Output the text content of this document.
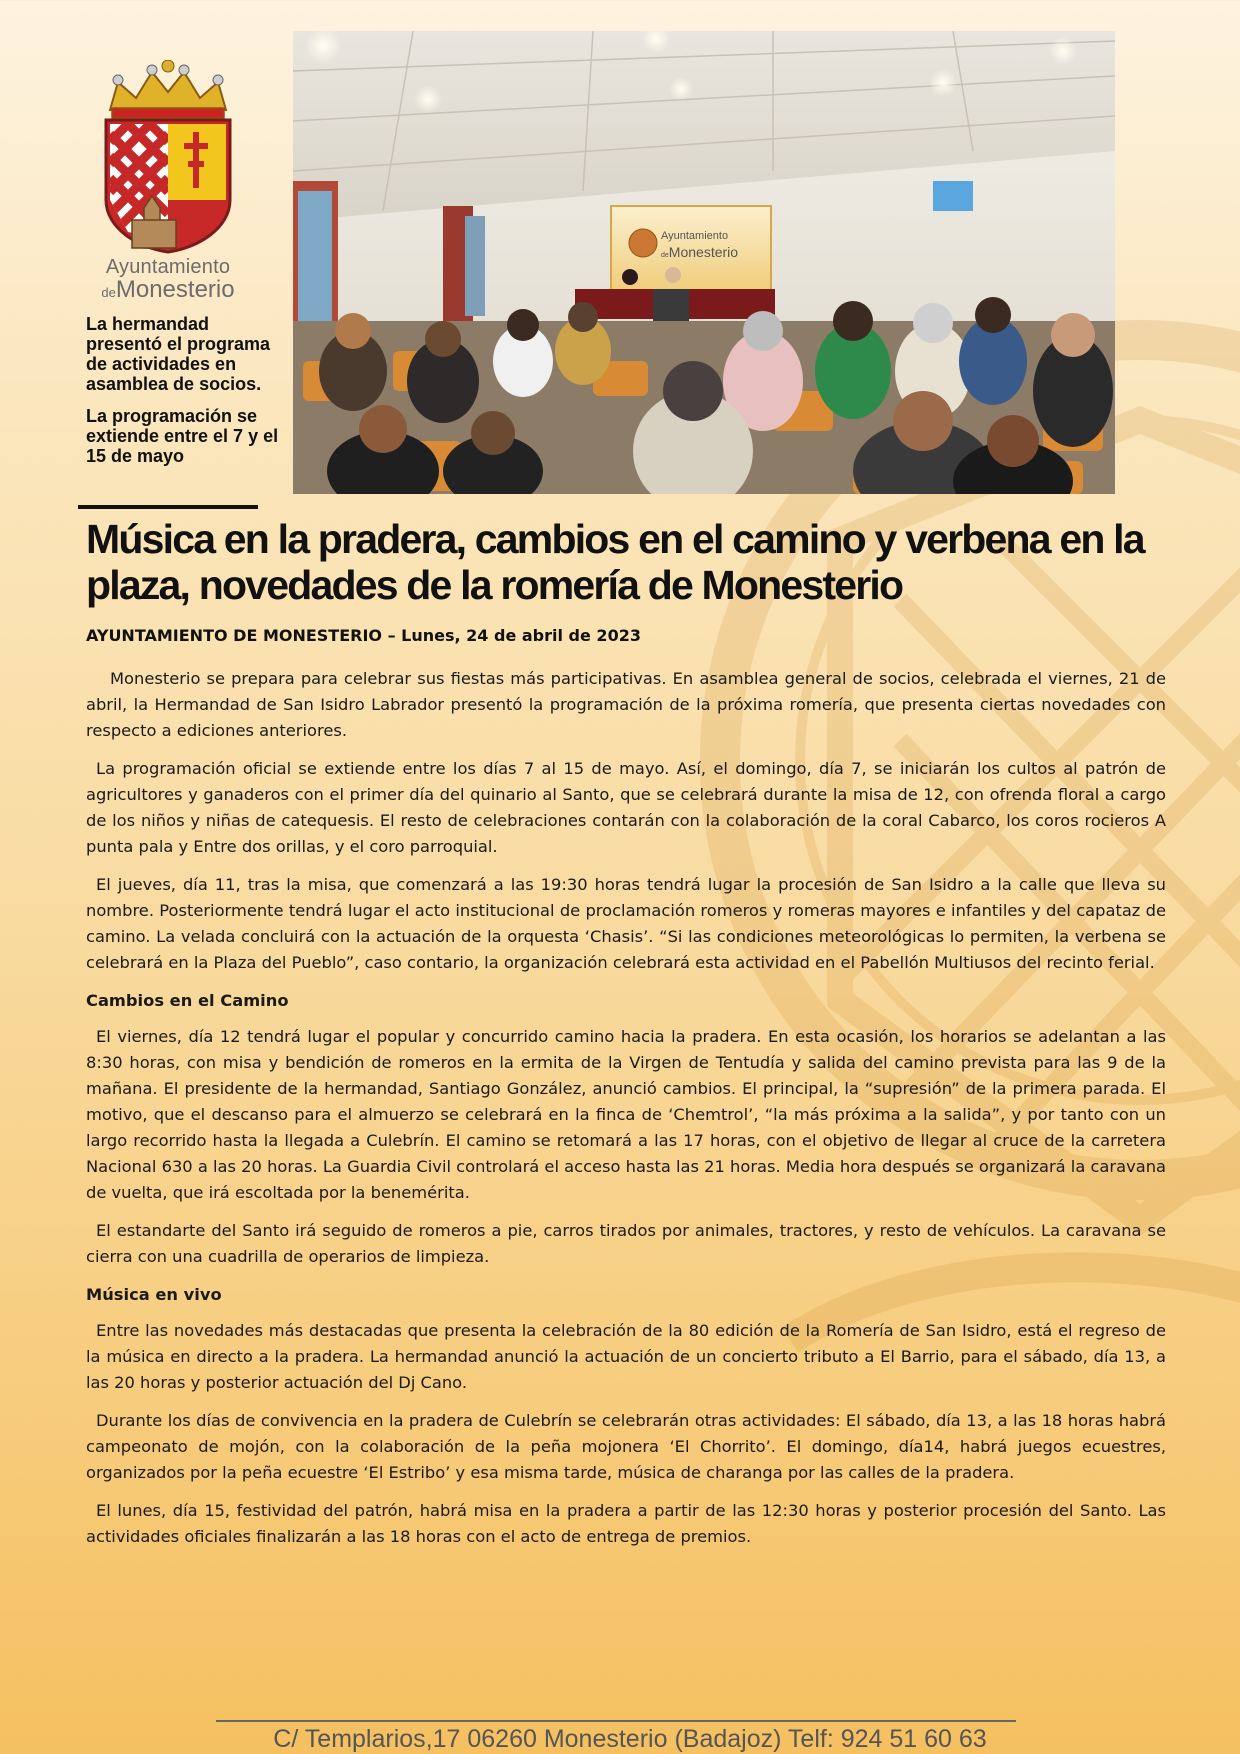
Ayuntamiento
deMonesterio

La hermandad presentó el programa de actividades en asamblea de socios.

La programación se extiende entre el 7 y el 15 de mayo

Ayuntamiento
deMonesterio
Música en la pradera, cambios en el camino y verbena en la plaza, novedades de la romería de Monesterio
AYUNTAMIENTO DE MONESTERIO – Lunes, 24 de abril de 2023

Monesterio se prepara para celebrar sus fiestas más participativas. En asamblea general de socios, celebrada el viernes, 21 de abril, la Hermandad de San Isidro Labrador presentó la programación de la próxima romería, que presenta ciertas novedades con respecto a ediciones anteriores.

La programación oficial se extiende entre los días 7 al 15 de mayo. Así, el domingo, día 7, se iniciarán los cultos al patrón de agricultores y ganaderos con el primer día del quinario al Santo, que se celebrará durante la misa de 12, con ofrenda floral a cargo de los niños y niñas de catequesis. El resto de celebraciones contarán con la colaboración de la coral Cabarco, los coros rocieros A punta pala y Entre dos orillas, y el coro parroquial.

El jueves, día 11, tras la misa, que comenzará a las 19:30 horas tendrá lugar la procesión de San Isidro a la calle que lleva su nombre. Posteriormente tendrá lugar el acto institucional de proclamación romeros y romeras mayores e infantiles y del capataz de camino. La velada concluirá con la actuación de la orquesta ‘Chasis’. “Si las condiciones meteorológicas lo permiten, la verbena se celebrará en la Plaza del Pueblo”, caso contario, la organización celebrará esta actividad en el Pabellón Multiusos del recinto ferial.

Cambios en el Camino

El viernes, día 12 tendrá lugar el popular y concurrido camino hacia la pradera. En esta ocasión, los horarios se adelantan a las 8:30 horas, con misa y bendición de romeros en la ermita de la Virgen de Tentudía y salida del camino prevista para las 9 de la mañana. El presidente de la hermandad, Santiago González, anunció cambios. El principal, la “supresión” de la primera parada. El motivo, que el descanso para el almuerzo se celebrará en la finca de ‘Chemtrol’, “la más próxima a la salida”, y por tanto con un largo recorrido hasta la llegada a Culebrín. El camino se retomará a las 17 horas, con el objetivo de llegar al cruce de la carretera Nacional 630 a las 20 horas. La Guardia Civil controlará el acceso hasta las 21 horas. Media hora después se organizará la caravana de vuelta, que irá escoltada por la benemérita.

El estandarte del Santo irá seguido de romeros a pie, carros tirados por animales, tractores, y resto de vehículos. La caravana se cierra con una cuadrilla de operarios de limpieza.

Música en vivo

Entre las novedades más destacadas que presenta la celebración de la 80 edición de la Romería de San Isidro, está el regreso de la música en directo a la pradera. La hermandad anunció la actuación de un concierto tributo a El Barrio, para el sábado, día 13, a las 20 horas y posterior actuación del Dj Cano.

Durante los días de convivencia en la pradera de Culebrín se celebrarán otras actividades: El sábado, día 13, a las 18 horas habrá campeonato de mojón, con la colaboración de la peña mojonera ‘El Chorrito’. El domingo, día14, habrá juegos ecuestres, organizados por la peña ecuestre ‘El Estribo’ y esa misma tarde, música de charanga por las calles de la pradera.

El lunes, día 15, festividad del patrón, habrá misa en la pradera a partir de las 12:30 horas y posterior procesión del Santo. Las actividades oficiales finalizarán a las 18 horas con el acto de entrega de premios.

C/ Templarios,17 06260 Monesterio (Badajoz) Telf: 924 51 60 63
